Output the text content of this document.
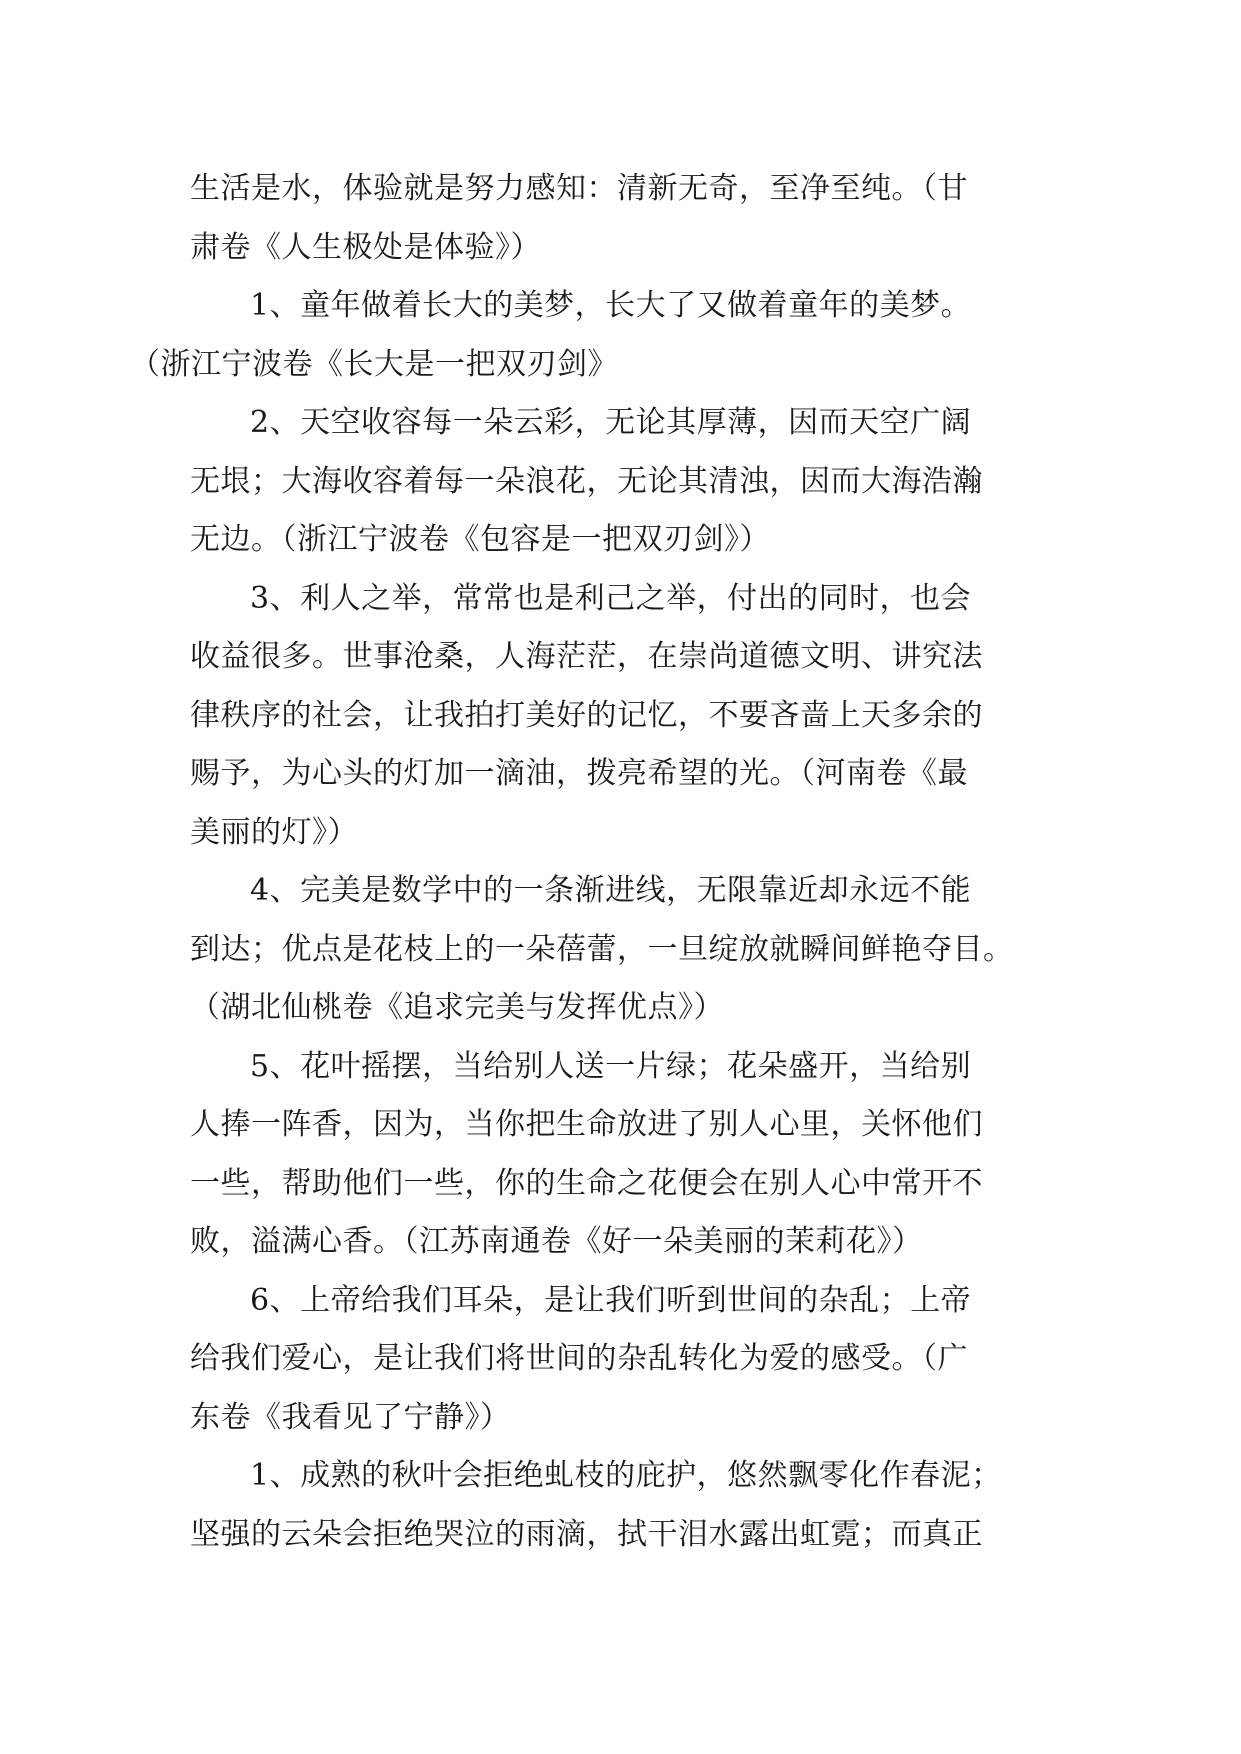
生活是水，体验就是努力感知：清新无奇，至净至纯。（甘
肃卷《人生极处是体验》）

1、童年做着长大的美梦，长大了又做着童年的美梦。
（浙江宁波卷《长大是一把双刃剑》

2、天空收容每一朵云彩，无论其厚薄，因而天空广阔
无垠；大海收容着每一朵浪花，无论其清浊，因而大海浩瀚
无边。（浙江宁波卷《包容是一把双刃剑》）

3、利人之举，常常也是利己之举，付出的同时，也会
收益很多。世事沧桑，人海茫茫，在崇尚道德文明、讲究法
律秩序的社会，让我拍打美好的记忆，不要吝啬上天多余的
赐予，为心头的灯加一滴油，拨亮希望的光。（河南卷《最
美丽的灯》）

4、完美是数学中的一条渐进线，无限靠近却永远不能
到达；优点是花枝上的一朵蓓蕾，一旦绽放就瞬间鲜艳夺目。
（湖北仙桃卷《追求完美与发挥优点》）

5、花叶摇摆，当给别人送一片绿；花朵盛开，当给别
人捧一阵香，因为，当你把生命放进了别人心里，关怀他们
一些，帮助他们一些，你的生命之花便会在别人心中常开不
败，溢满心香。（江苏南通卷《好一朵美丽的茉莉花》）

6、上帝给我们耳朵，是让我们听到世间的杂乱；上帝
给我们爱心，是让我们将世间的杂乱转化为爱的感受。（广
东卷《我看见了宁静》）

1、成熟的秋叶会拒绝虬枝的庇护，悠然飘零化作春泥；
坚强的云朵会拒绝哭泣的雨滴，拭干泪水露出虹霓；而真正
